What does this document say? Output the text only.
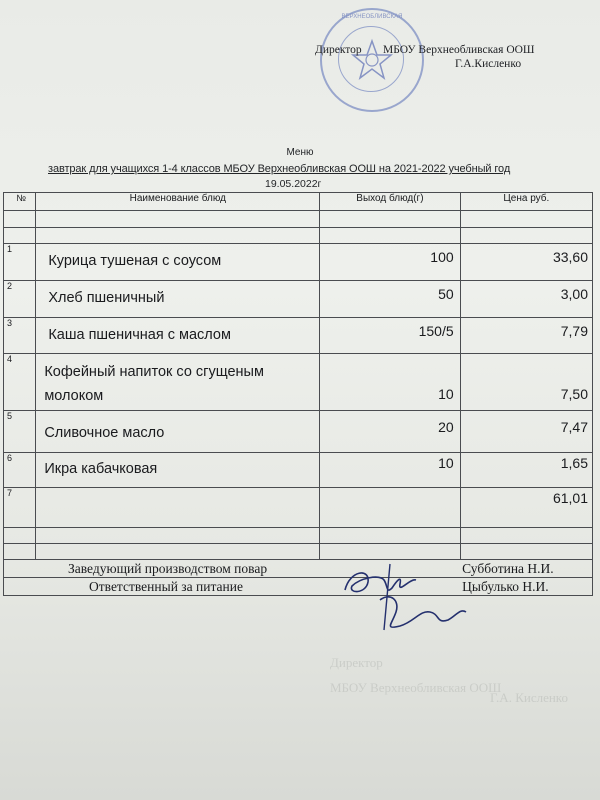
Директор
МБОУ Верхнеобливская ООШ
Г.А. Кисленко
ВЕРХНЕОБЛИВСКАЯ
Директор МБОУ Верхнеобливская ООШ
Г.А.Кисленко
Меню
завтрак для учащихся 1-4 классов МБОУ Верхнеобливская ООШ на 2021-2022 учебный год
19.05.2022г
№	Наименование блюд	Выход блюд(г)	Цена руб.

1	Курица тушеная с соусом	100	33,60
2	Хлеб пшеничный	50	3,00
3	Каша пшеничная с маслом	150/5	7,79
4	Кофейный напиток со сгущеным молоком	10	7,50
5	Сливочное масло	20	7,47
6	Икра кабачковая	10	1,65
7			61,01

Заведующий производством повар			Субботина Н.И.
Ответственный за питание			Цыбулько Н.И.
